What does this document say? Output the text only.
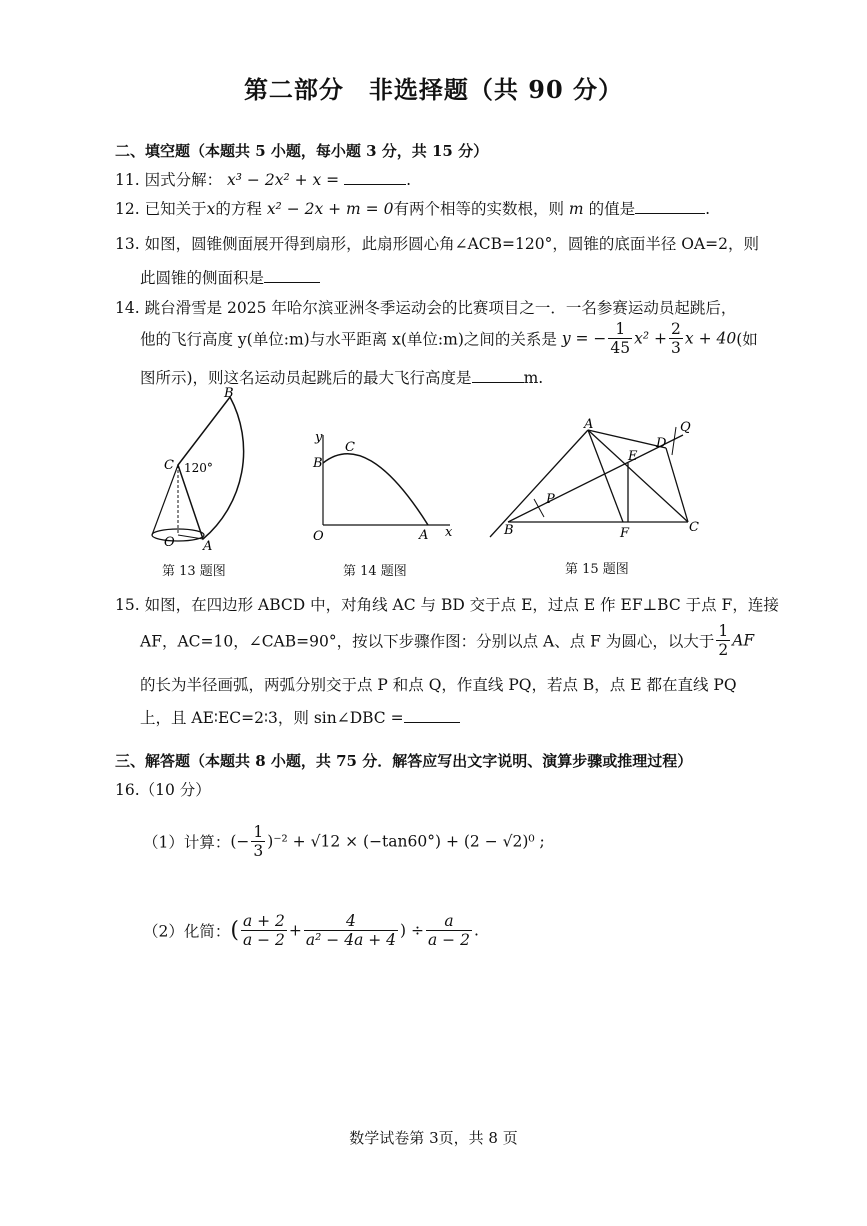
第二部分　非选择题（共 90 分）
二、填空题（本题共 5 小题，每小题 3 分，共 15 分）
11. 因式分解： x³ − 2x² + x =	.
12. 已知关于x的方程 x² − 2x + m = 0有两个相等的实数根，则 m 的值是	.
13. 如图，圆锥侧面展开得到扇形，此扇形圆心角∠ACB=120°，圆锥的底面半径 OA=2，则
此圆锥的侧面积是
14. 跳台滑雪是 2025 年哈尔滨亚洲冬季运动会的比赛项目之一．一名参赛运动员起跳后，
他的飞行高度 y(单位:m)与水平距离 x(单位:m)之间的关系是 y = − $\frac{1}{45} x^2 + \frac{2}{3}$ x + 40(如
图所示)，则这名运动员起跳后的最大飞行高度是	m.
B
C 120°
O A
第 13 题图
y
x
B
C
O	A
第 14 题图
A
B	C
D
E
F
P
Q
第 15 题图
15. 如图，在四边形 ABCD 中，对角线 AC 与 BD 交于点 E，过点 E 作 EF⊥BC 于点 F，连接
AF，AC=10，∠CAB=90°，按以下步骤作图：分别以点 A、点 F 为圆心，以大于 $\frac{1}{2}$ AF
的长为半径画弧，两弧分别交于点 P 和点 Q，作直线 PQ，若点 B，点 E 都在直线 PQ
上，且 AE∶EC=2∶3，则 sin∠DBC =
三、解答题（本题共 8 小题，共 75 分．解答应写出文字说明、演算步骤或推理过程）
16.（10 分）
（1）计算：(− $\frac{1}{3} )^{-2} + √12 \times (-\tan 60^\circ) + (2 - √2)^0$ ;
（2）化简：( $\frac{a + 2}{a - 2} + \frac{4}{\text{a² − 4a + 4}}$ ) ÷ $\frac{a}{a - 2}$ .
数学试卷第 3页，共 8 页
